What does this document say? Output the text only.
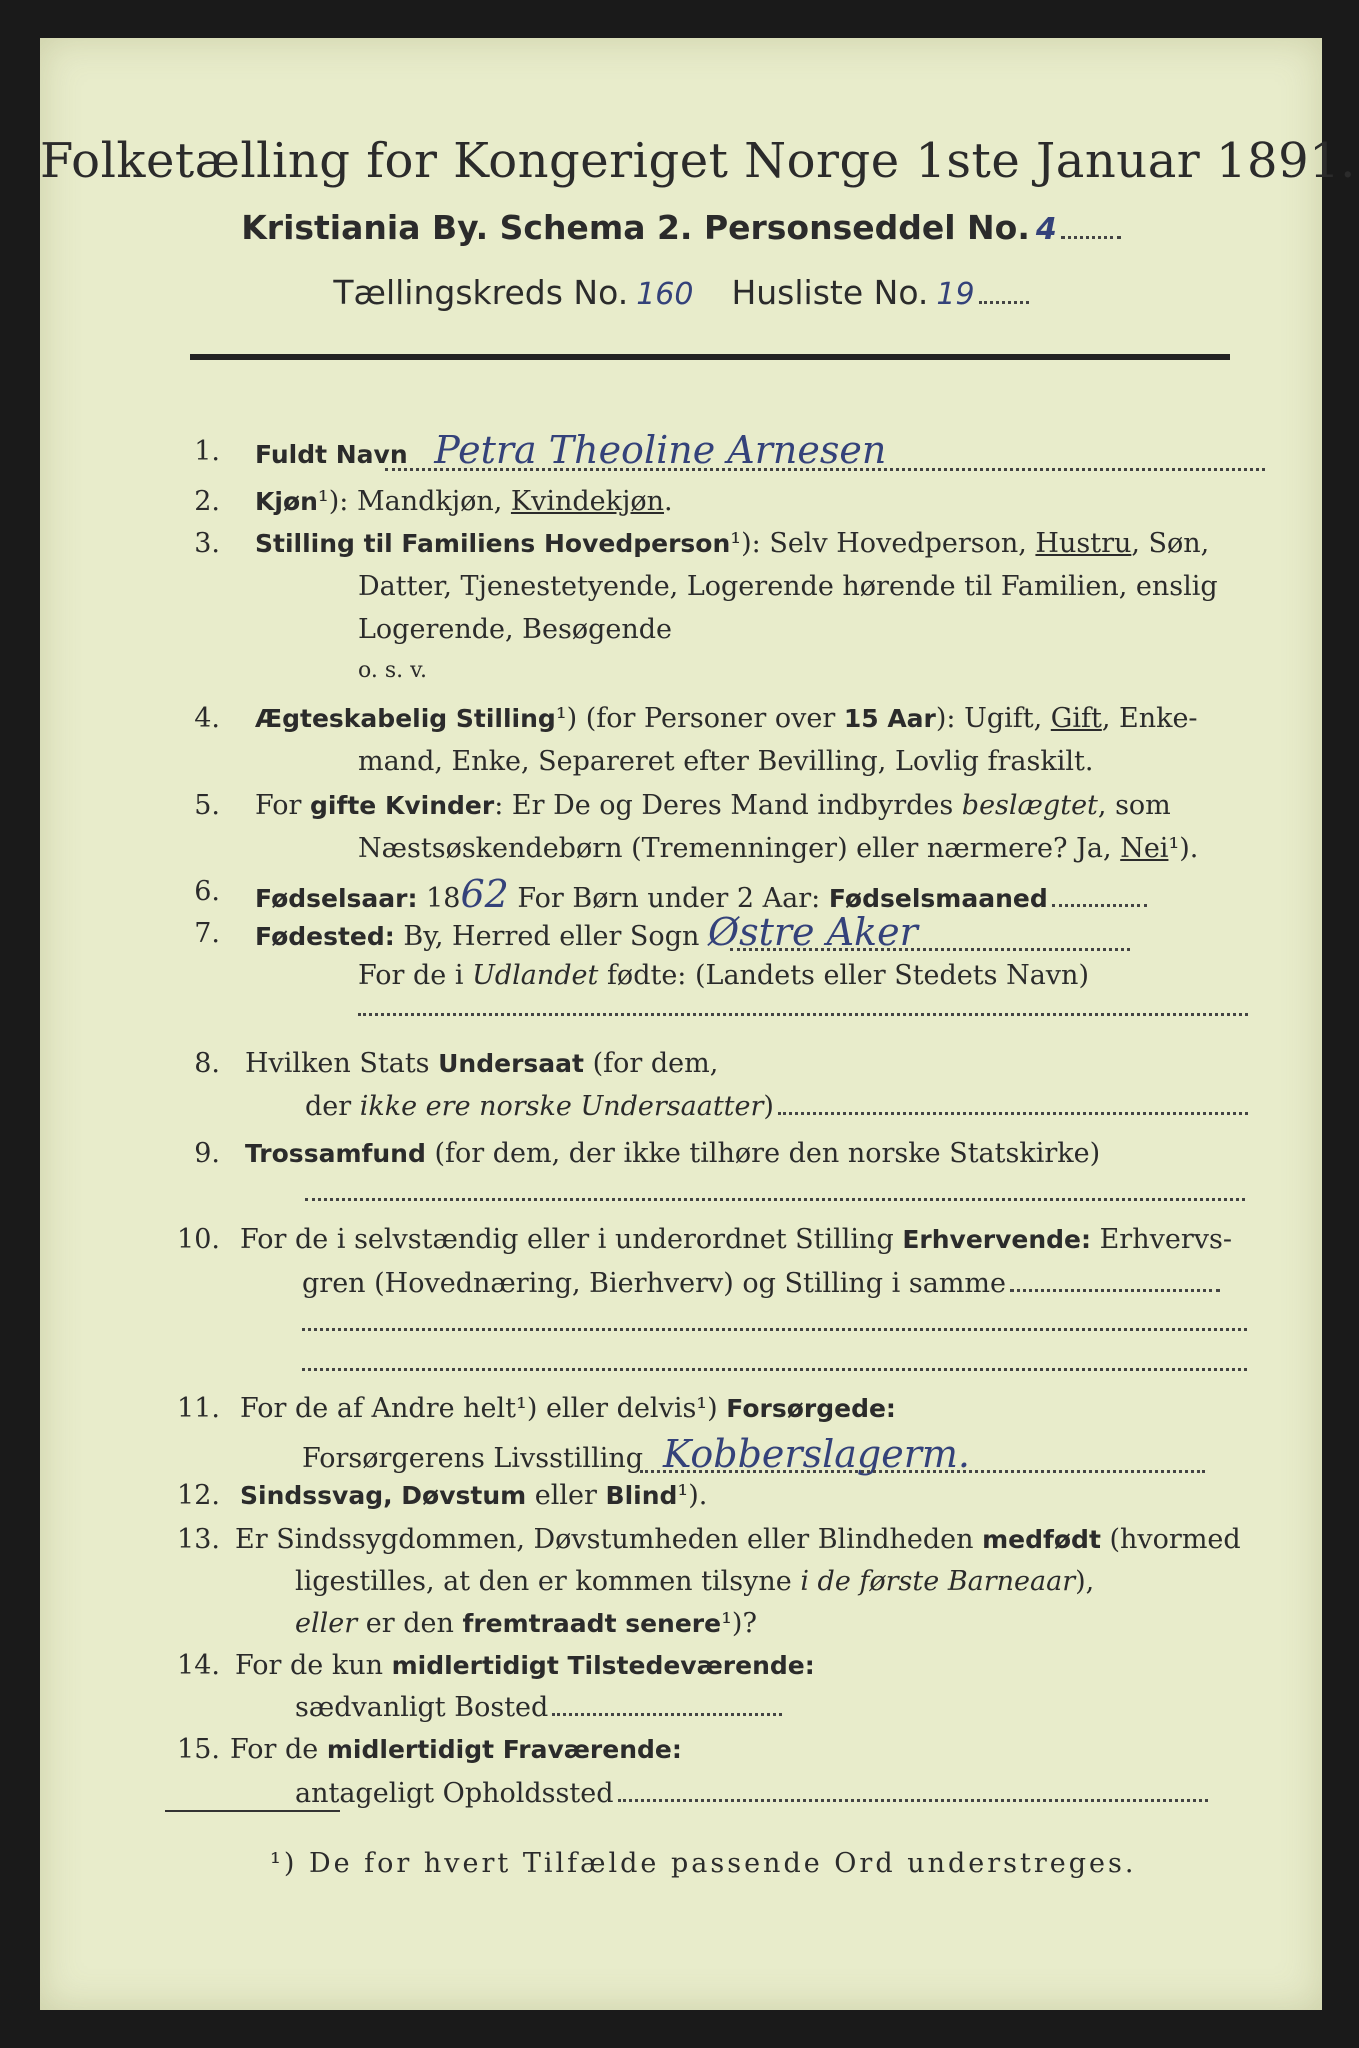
Folketælling for Kongeriget Norge 1ste Januar 1891.
Kristiania By. Schema 2. Personseddel No. 4
Tællingskreds No. 160 Husliste No. 19
1. Fuldt Navn Petra Theoline Arnesen
2. Kjøn¹): Mandkjøn, Kvindekjøn.
3. Stilling til Familiens Hovedperson¹): Selv Hovedperson, Hustru, Søn,
Datter, Tjenestetyende, Logerende hørende til Familien, enslig
Logerende, Besøgende
o. s. v.
4. Ægteskabelig Stilling¹) (for Personer over 15 Aar): Ugift, Gift, Enke-
mand, Enke, Separeret efter Bevilling, Lovlig fraskilt.
5. For gifte Kvinder: Er De og Deres Mand indbyrdes beslægtet, som
Næstsøskendebørn (Tremenninger) eller nærmere? Ja, Nei¹).
6. Fødselsaar: 1862 For Børn under 2 Aar: Fødselsmaaned
7. Fødested: By, Herred eller Sogn Østre Aker
For de i Udlandet fødte: (Landets eller Stedets Navn)
8. Hvilken Stats Undersaat (for dem,
der ikke ere norske Undersaatter)
9. Trossamfund (for dem, der ikke tilhøre den norske Statskirke)
10. For de i selvstændig eller i underordnet Stilling Erhvervende: Erhvervs-
gren (Hovednæring, Bierhverv) og Stilling i samme
11. For de af Andre helt¹) eller delvis¹) Forsørgede:
Forsørgerens Livsstilling Kobberslagerm.
12. Sindssvag, Døvstum eller Blind¹).
13. Er Sindssygdommen, Døvstumheden eller Blindheden medfødt (hvormed
ligestilles, at den er kommen tilsyne i de første Barneaar),
eller er den fremtraadt senere¹)?
14. For de kun midlertidigt Tilstedeværende:
sædvanligt Bosted
15. For de midlertidigt Fraværende:
antageligt Opholdssted
¹) De for hvert Tilfælde passende Ord understreges.
